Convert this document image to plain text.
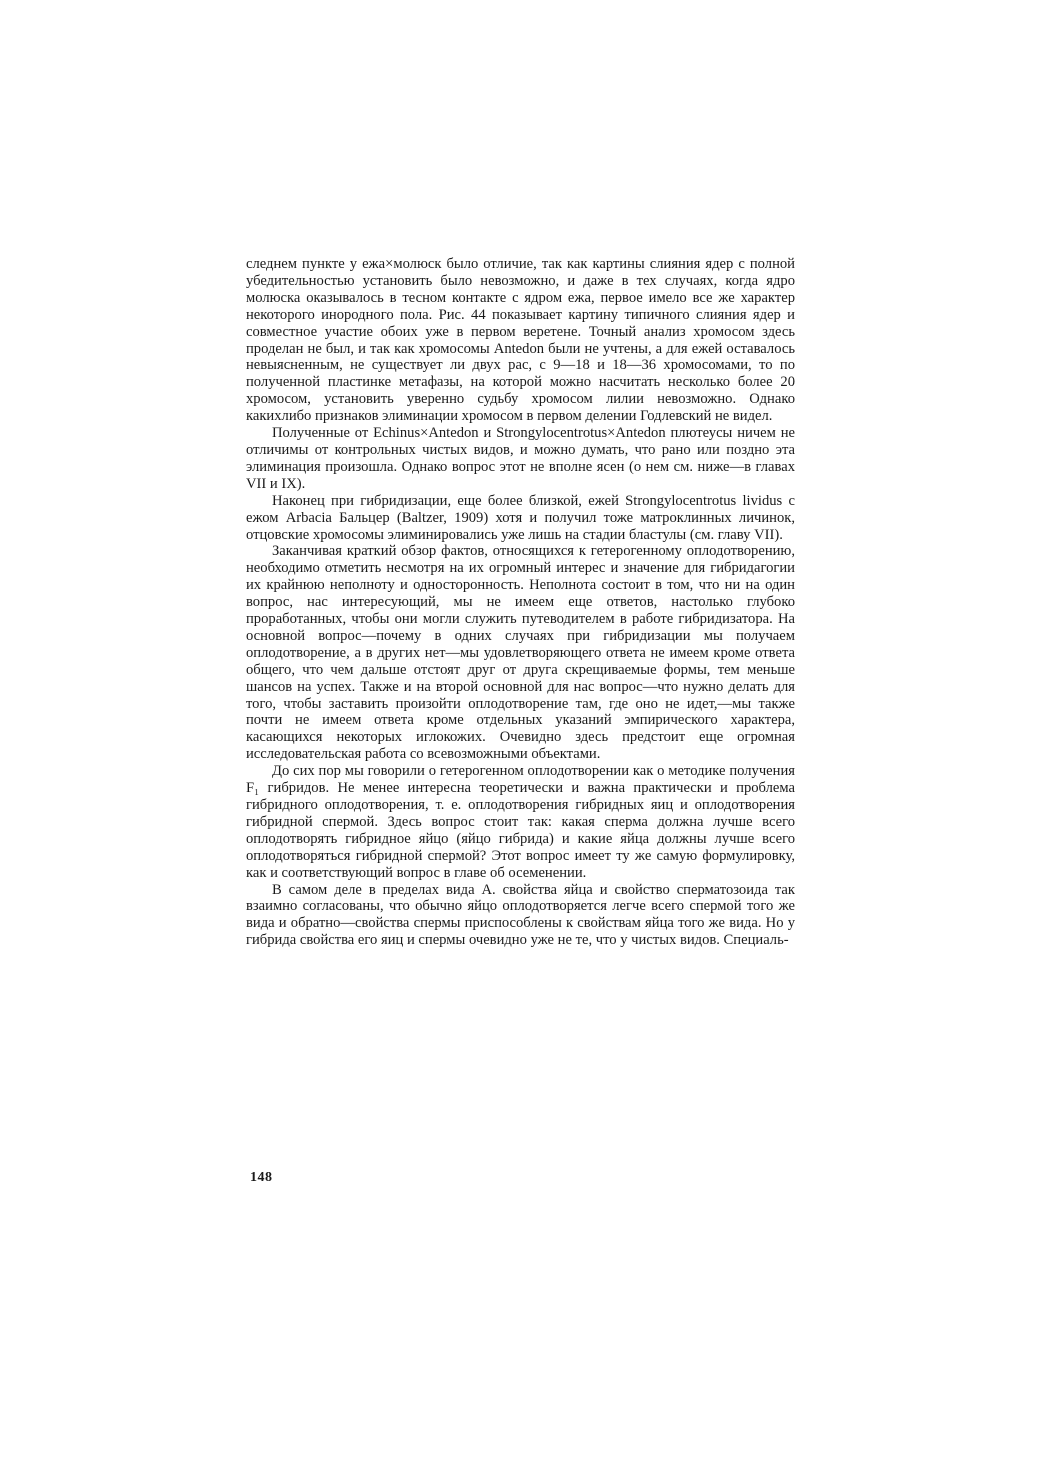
следнем пункте у ежа×молюск было отличие, так как картины слияния ядер с полной убедительностью установить было невозможно, и даже в тех случаях, когда ядро молюска оказывалось в тесном контакте с ядром ежа, первое имело все же характер некоторого инородного пола. Рис. 44 показывает картину типичного слияния ядер и совместное участие обоих уже в первом веретене. Точный анализ хромосом здесь проделан не был, и так как хромосомы Antedon были не учтены, а для ежей оставалось невыясненным, не существует ли двух рас, с 9—18 и 18—36 хромосомами, то по полученной пластинке метафазы, на которой можно насчитать несколько более 20 хромосом, установить уверенно судьбу хромосом лилии невозможно. Однако какихлибо признаков элиминации хромосом в первом делении Годлевский не видел.

Полученные от Echinus×Antedon и Strongylocentrotus×Antedon плютеусы ничем не отличимы от контрольных чистых видов, и можно думать, что рано или поздно эта элиминация произошла. Однако вопрос этот не вполне ясен (о нем см. ниже—в главах VII и IX).

Наконец при гибридизации, еще более близкой, ежей Strongylocentrotus lividus с ежом Arbacia Бальцер (Baltzer, 1909) хотя и получил тоже матроклинных личинок, отцовские хромосомы элиминировались уже лишь на стадии бластулы (см. главу VII).

Заканчивая краткий обзор фактов, относящихся к гетерогенному оплодотворению, необходимо отметить несмотря на их огромный интерес и значение для гибридагогии их крайнюю неполноту и односторонность. Неполнота состоит в том, что ни на один вопрос, нас интересующий, мы не имеем еще ответов, настолько глубоко проработанных, чтобы они могли служить путеводителем в работе гибридизатора. На основной вопрос—почему в одних случаях при гибридизации мы получаем оплодотворение, а в других нет—мы удовлетворяющего ответа не имеем кроме ответа общего, что чем дальше отстоят друг от друга скрещиваемые формы, тем меньше шансов на успех. Также и на второй основной для нас вопрос—что нужно делать для того, чтобы заставить произойти оплодотворение там, где оно не идет,—мы также почти не имеем ответа кроме отдельных указаний эмпирического характера, касающихся некоторых иглокожих. Очевидно здесь предстоит еще огромная исследовательская работа со всевозможными объектами.

До сих пор мы говорили о гетерогенном оплодотворении как о методике получения F₁ гибридов. Не менее интересна теоретически и важна практически и проблема гибридного оплодотворения, т. е. оплодотворения гибридных яиц и оплодотворения гибридной спермой. Здесь вопрос стоит так: какая сперма должна лучше всего оплодотворять гибридное яйцо (яйцо гибрида) и какие яйца должны лучше всего оплодотворяться гибридной спермой? Этот вопрос имеет ту же самую формулировку, как и соответствующий вопрос в главе об осеменении.

В самом деле в пределах вида А. свойства яйца и свойство сперматозоида так взаимно согласованы, что обычно яйцо оплодотворяется легче всего спермой того же вида и обратно—свойства спермы приспособлены к свойствам яйца того же вида. Но у гибрида свойства его яиц и спермы очевидно уже не те, что у чистых видов. Специаль-

148
